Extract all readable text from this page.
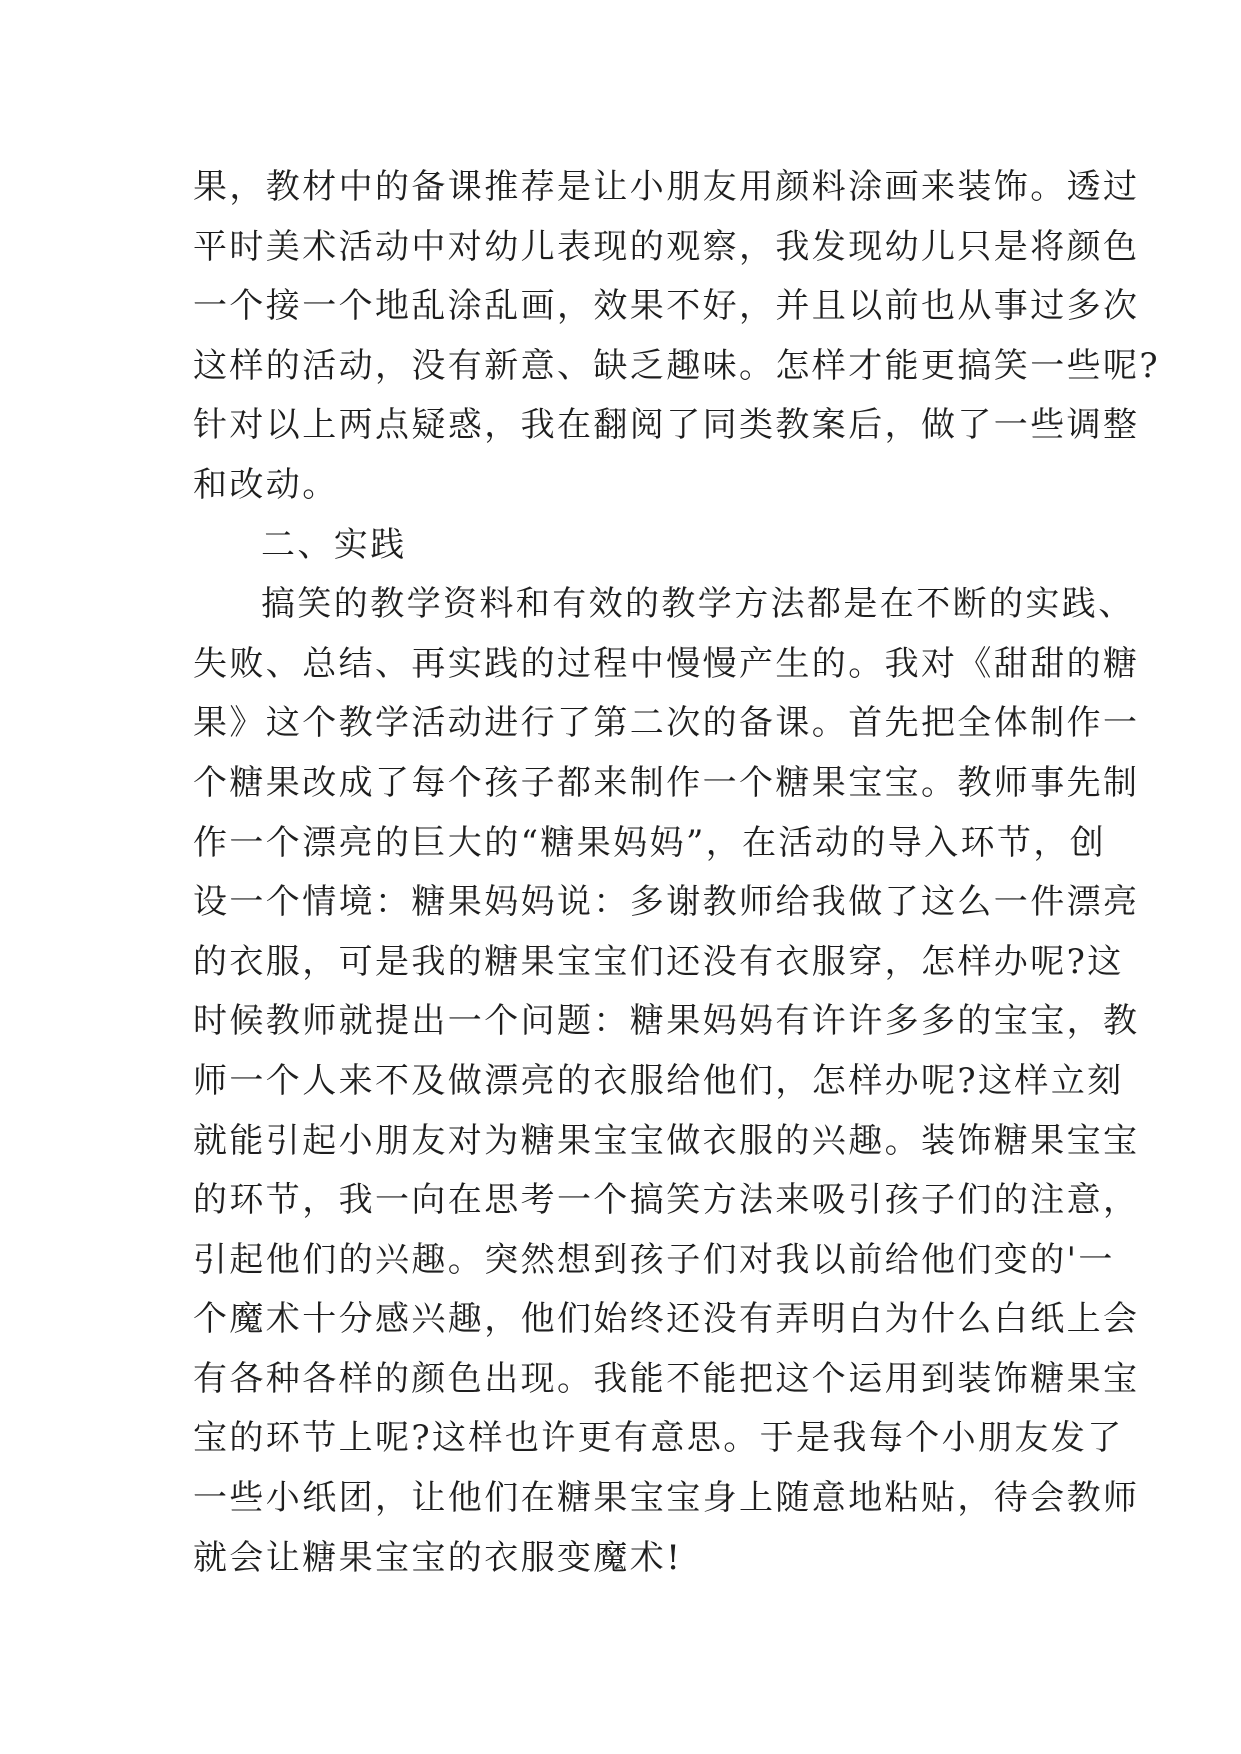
果，教材中的备课推荐是让小朋友用颜料涂画来装饰。透过
平时美术活动中对幼儿表现的观察，我发现幼儿只是将颜色
一个接一个地乱涂乱画，效果不好，并且以前也从事过多次
这样的活动，没有新意、缺乏趣味。怎样才能更搞笑一些呢?
针对以上两点疑惑，我在翻阅了同类教案后，做了一些调整
和改动。
二、实践
搞笑的教学资料和有效的教学方法都是在不断的实践、
失败、总结、再实践的过程中慢慢产生的。我对《甜甜的糖
果》这个教学活动进行了第二次的备课。首先把全体制作一
个糖果改成了每个孩子都来制作一个糖果宝宝。教师事先制
作一个漂亮的巨大的“糖果妈妈”，在活动的导入环节，创
设一个情境：糖果妈妈说：多谢教师给我做了这么一件漂亮
的衣服，可是我的糖果宝宝们还没有衣服穿，怎样办呢?这
时候教师就提出一个问题：糖果妈妈有许许多多的宝宝，教
师一个人来不及做漂亮的衣服给他们，怎样办呢?这样立刻
就能引起小朋友对为糖果宝宝做衣服的兴趣。装饰糖果宝宝
的环节，我一向在思考一个搞笑方法来吸引孩子们的注意，
引起他们的兴趣。突然想到孩子们对我以前给他们变的'一
个魔术十分感兴趣，他们始终还没有弄明白为什么白纸上会
有各种各样的颜色出现。我能不能把这个运用到装饰糖果宝
宝的环节上呢?这样也许更有意思。于是我每个小朋友发了
一些小纸团，让他们在糖果宝宝身上随意地粘贴，待会教师
就会让糖果宝宝的衣服变魔术!
